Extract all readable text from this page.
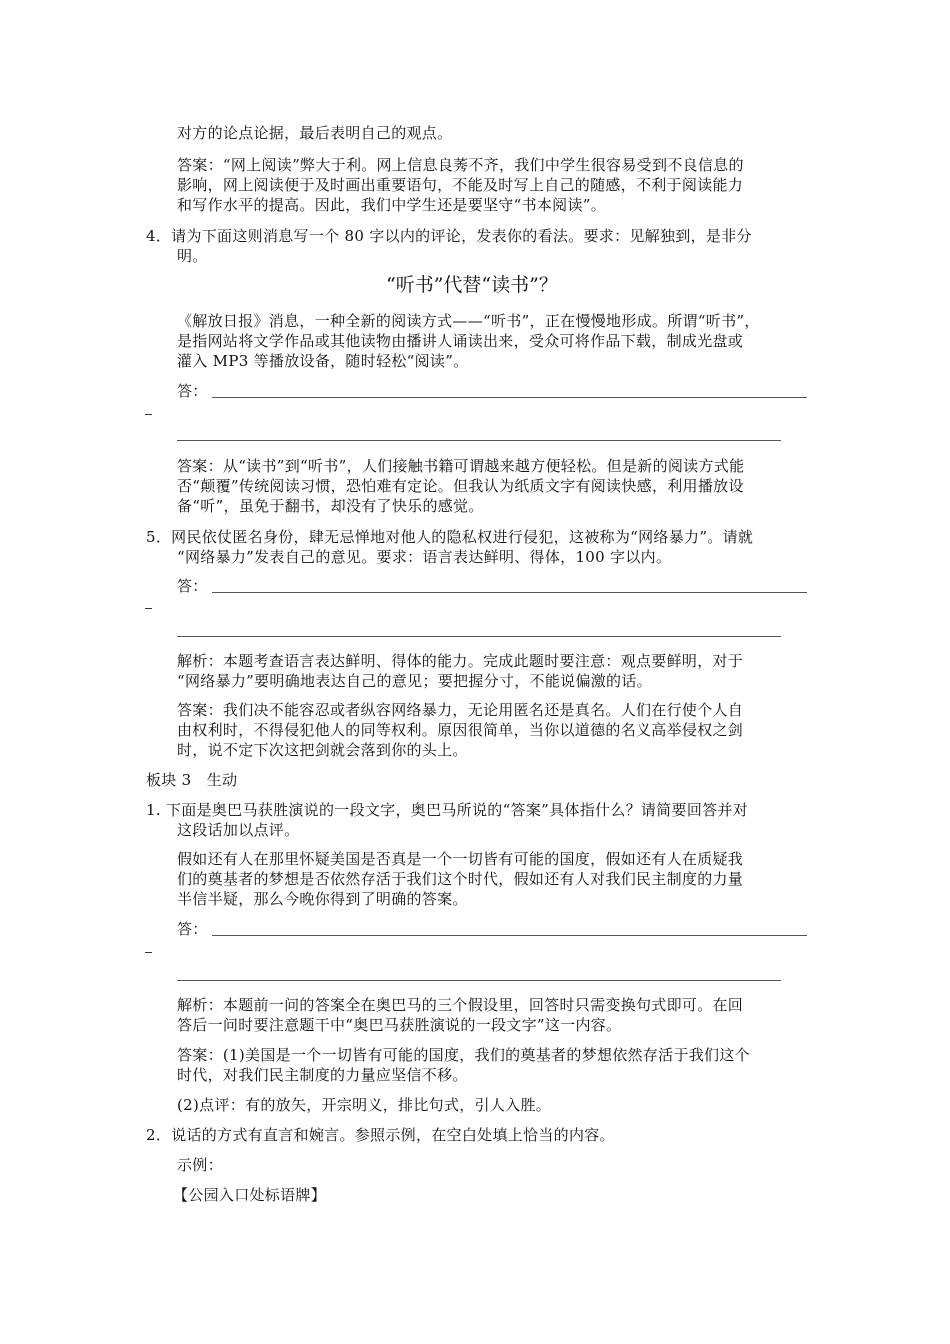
对方的论点论据，最后表明自己的观点。
答案：“网上阅读”弊大于利。网上信息良莠不齐，我们中学生很容易受到不良信息的
影响，网上阅读便于及时画出重要语句，不能及时写上自己的随感，不利于阅读能力
和写作水平的提高。因此，我们中学生还是要坚守“书本阅读”。
4．请为下面这则消息写一个 80 字以内的评论，发表你的看法。要求：见解独到，是非分
明。
“听书”代替“读书”？
《解放日报》消息，一种全新的阅读方式——“听书”，正在慢慢地形成。所谓“听书”，
是指网站将文学作品或其他读物由播讲人诵读出来，受众可将作品下载，制成光盘或
灌入 MP3 等播放设备，随时轻松“阅读”。
答：
答案：从“读书”到“听书”，人们接触书籍可谓越来越方便轻松。但是新的阅读方式能
否“颠覆”传统阅读习惯，恐怕难有定论。但我认为纸质文字有阅读快感，利用播放设
备“听”，虽免于翻书，却没有了快乐的感觉。
5．网民依仗匿名身份，肆无忌惮地对他人的隐私权进行侵犯，这被称为“网络暴力”。请就
“网络暴力”发表自己的意见。要求：语言表达鲜明、得体，100 字以内。
答：
解析：本题考查语言表达鲜明、得体的能力。完成此题时要注意：观点要鲜明，对于
“网络暴力”要明确地表达自己的意见；要把握分寸，不能说偏激的话。
答案：我们决不能容忍或者纵容网络暴力，无论用匿名还是真名。人们在行使个人自
由权利时，不得侵犯他人的同等权利。原因很简单，当你以道德的名义高举侵权之剑
时，说不定下次这把剑就会落到你的头上。
板块 3　生动
1. 下面是奥巴马获胜演说的一段文字，奥巴马所说的“答案”具体指什么？请简要回答并对
这段话加以点评。
假如还有人在那里怀疑美国是否真是一个一切皆有可能的国度，假如还有人在质疑我
们的奠基者的梦想是否依然存活于我们这个时代，假如还有人对我们民主制度的力量
半信半疑，那么今晚你得到了明确的答案。
答：
解析：本题前一问的答案全在奥巴马的三个假设里，回答时只需变换句式即可。在回
答后一问时要注意题干中“奥巴马获胜演说的一段文字”这一内容。
答案：(1)美国是一个一切皆有可能的国度，我们的奠基者的梦想依然存活于我们这个
时代，对我们民主制度的力量应坚信不移。
(2)点评：有的放矢，开宗明义，排比句式，引人入胜。
2．说话的方式有直言和婉言。参照示例，在空白处填上恰当的内容。
示例：
【公园入口处标语牌】
